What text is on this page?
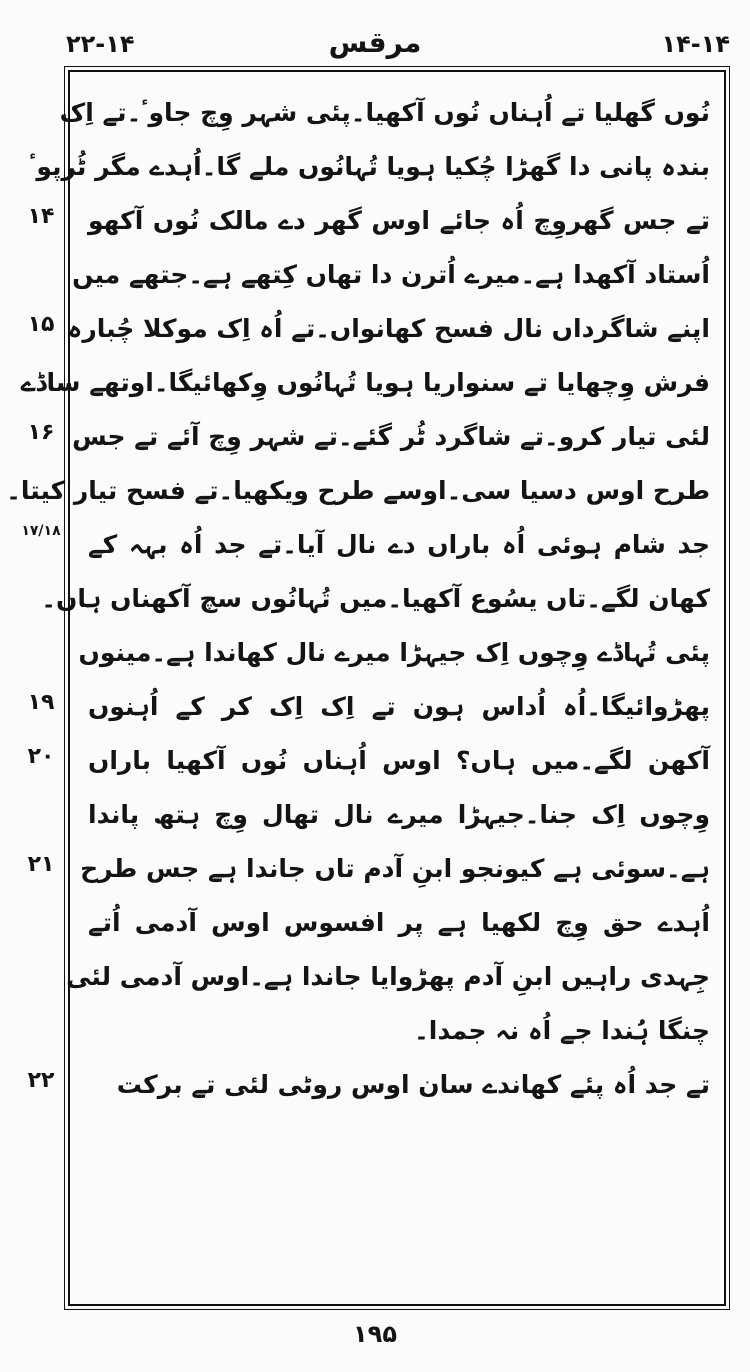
۲۲-۱۴	مرقس	۱۴-۱۴
۱۴
۱۵
۱۶
۱۷/۱۸
۱۹
۲۰
۲۱
۲۲
نُوں گھلیا تے اُہناں نُوں آکھیا۔پئی شہر وِچ جاوٴ۔تے اِک
بندہ پانی دا گھڑا چُکیا ہویا تُہانُوں ملے گا۔اُہدے مگر ٹُرپوٴ
تے جس گھروِچ اُہ جائے اوس گھر دے مالک نُوں آکھو
اُستاد آکھدا ہے۔میرے اُترن دا تھاں کِتھے ہے۔جتھے میں
اپنے شاگرداں نال فسح کھانواں۔تے اُہ اِک موکلا چُبارہ
فرش وِچھایا تے سنواریا ہویا تُہانُوں وِکھائیگا۔اوتھے ساڈے
لئی تیار کرو۔تے شاگرد ٹُر گئے۔تے شہر وِچ آئے تے جس
طرح اوس دسیا سی۔اوسے طرح ویکھیا۔تے فسح تیار کیتا۔
جد شام ہوئی اُہ باراں دے نال آیا۔تے جد اُہ بہہ کے
کھان لگے۔تاں یسُوع آکھیا۔میں تُہانُوں سچ آکھناں ہاں۔
پئی تُہاڈے وِچوں اِک جیہڑا میرے نال کھاندا ہے۔مینوں
پھڑوائیگا۔اُہ اُداس ہون تے اِک اِک کر کے اُہنوں
آکھن لگے۔میں ہاں؟ اوس اُہناں نُوں آکھیا باراں
وِچوں اِک جنا۔جیہڑا میرے نال تھال وِچ ہتھ پاندا
ہے۔سوئی ہے کیونجو ابنِ آدم تاں جاندا ہے جس طرح
اُہدے حق وِچ لکھیا ہے پر افسوس اوس آدمی اُتے
جِہدی راہیں ابنِ آدم پھڑوایا جاندا ہے۔اوس آدمی لئی
چنگا ہُندا جے اُہ نہ جمدا۔
تے جد اُہ پئے کھاندے سان اوس روٹی لئی تے برکت
۱۹۵
